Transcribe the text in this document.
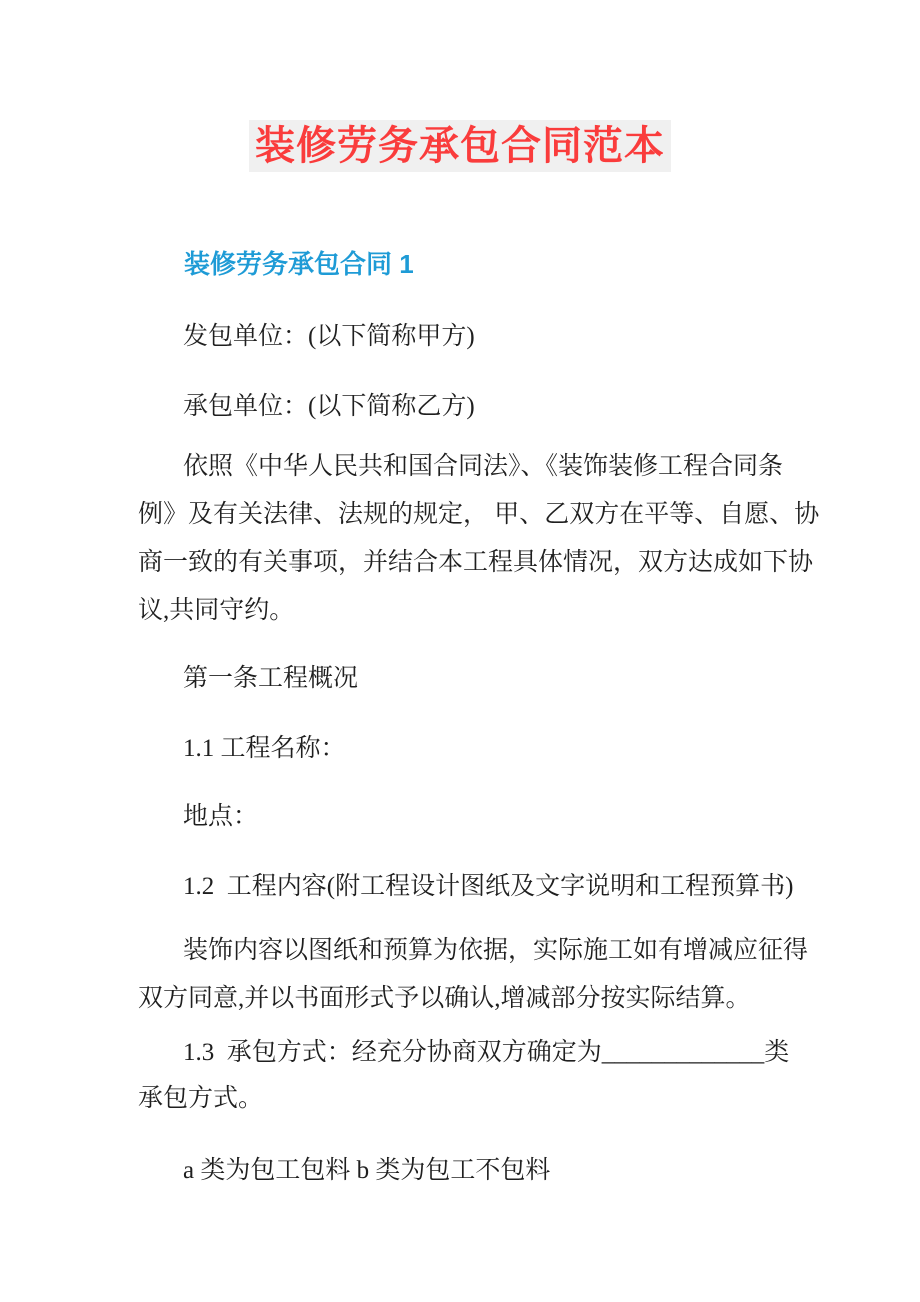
装修劳务承包合同范本
装修劳务承包合同 1
发包单位：(以下简称甲方)
承包单位：(以下简称乙方)
依照《中华人民共和国合同法》、《装饰装修工程合同条
例》及有关法律、法规的规定， 甲、乙双方在平等、自愿、协
商一致的有关事项，并结合本工程具体情况，双方达成如下协
议,共同守约。
第一条工程概况
1.1 工程名称：
地点：
1.2  工程内容(附工程设计图纸及文字说明和工程预算书)
装饰内容以图纸和预算为依据，实际施工如有增减应征得
双方同意,并以书面形式予以确认,增减部分按实际结算。
1.3  承包方式：经充分协商双方确定为_____________类
承包方式。
a 类为包工包料 b 类为包工不包料
